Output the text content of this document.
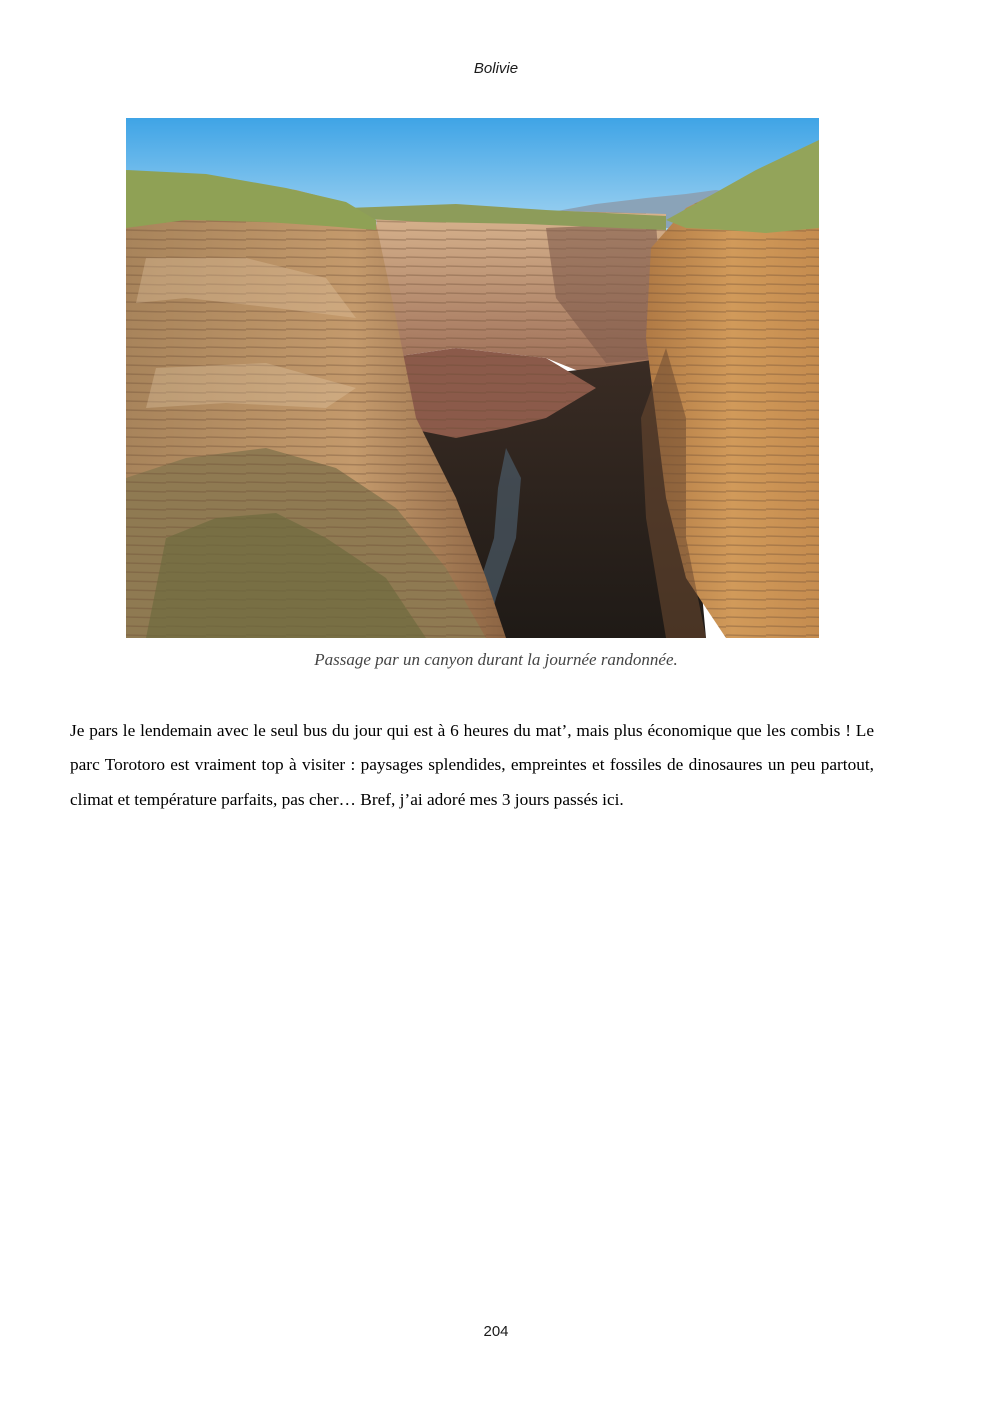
Bolivie
Passage par un canyon durant la journée randonnée.

Je pars le lendemain avec le seul bus du jour qui est à 6 heures du mat’, mais plus économique que les combis ! Le parc Torotoro est vraiment top à visiter : paysages splendides, empreintes et fossiles de dinosaures un peu partout, climat et température parfaits, pas cher… Bref, j’ai adoré mes 3 jours passés ici.

204
